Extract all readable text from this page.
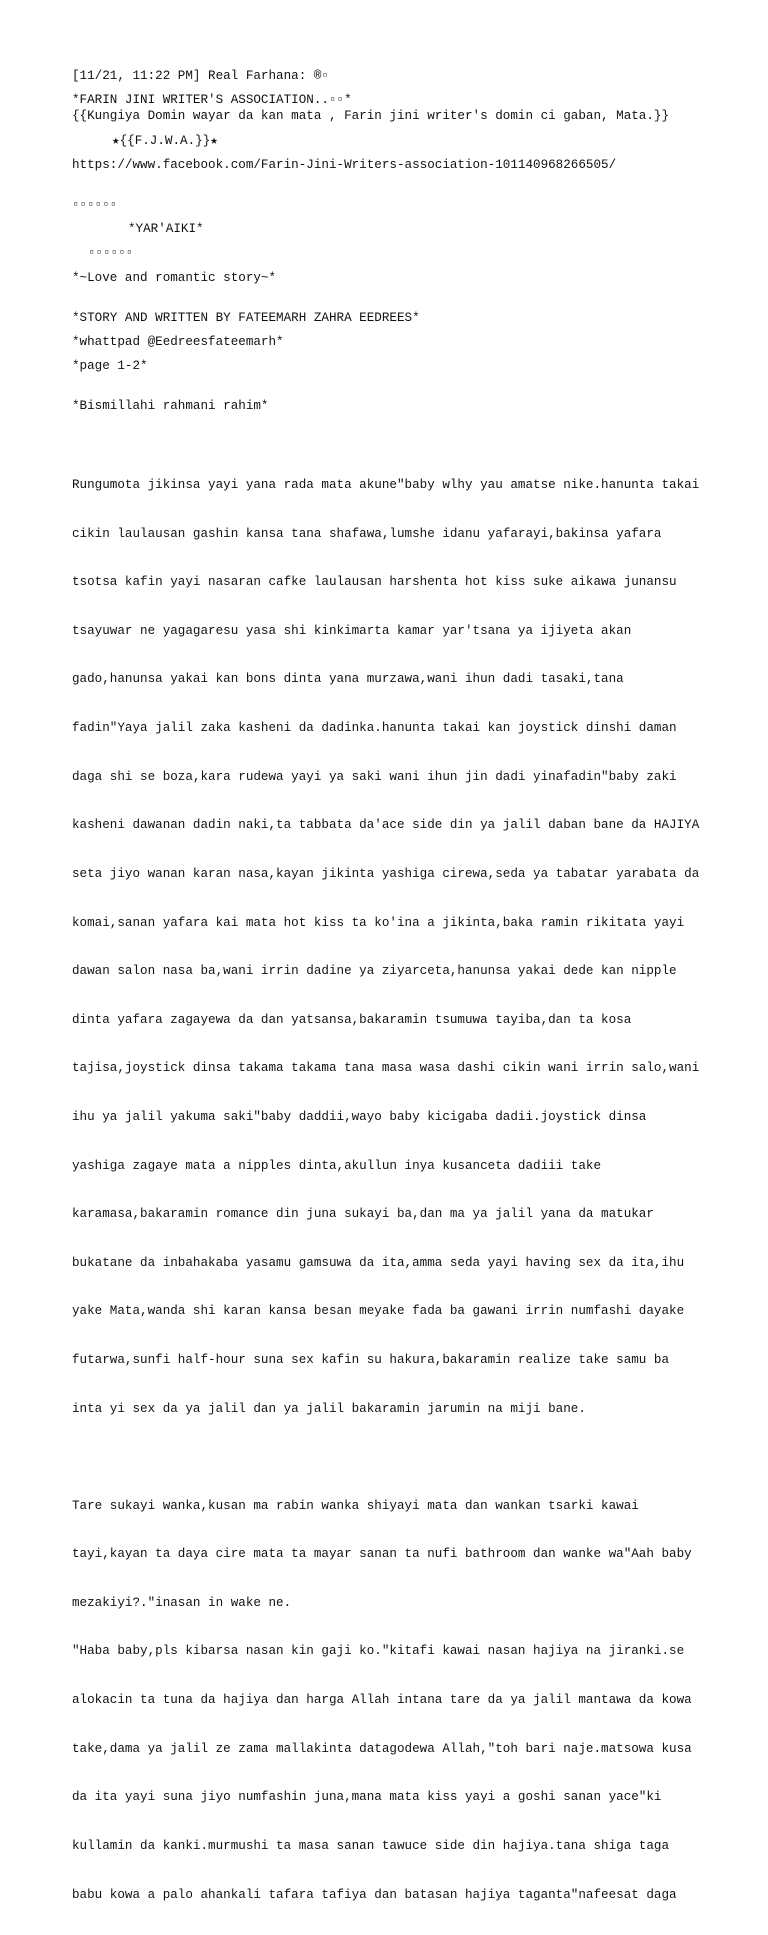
[11/21, 11:22 PM] Real Farhana: ®▫

*FARIN JINI WRITER'S ASSOCIATION..▫▫*

{{Kungiya Domin wayar da kan mata , Farin jini writer's domin ci gaban, Mata.}}

★{{F.J.W.A.}}★

https://www.facebook.com/Farin-Jini-Writers-association-101140968266505/

▫▫▫▫▫▫

*YAR'AIKI*

▫▫▫▫▫▫

*~Love and romantic story~*

*STORY AND WRITTEN BY FATEEMARH ZAHRA EEDREES*

*whattpad @Eedreesfateemarh*

*page 1-2*

*Bismillahi rahmani rahim*

Rungumota jikinsa yayi yana rada mata akune"baby wlhy yau amatse nike.hanunta takai

cikin laulausan gashin kansa tana shafawa,lumshe idanu yafarayi,bakinsa yafara

tsotsa kafin yayi nasaran cafke laulausan harshenta hot kiss suke aikawa junansu

tsayuwar ne yagagaresu yasa shi kinkimarta kamar yar'tsana ya ijiyeta akan

gado,hanunsa yakai kan bons dinta yana murzawa,wani ihun dadi tasaki,tana

fadin"Yaya jalil zaka kasheni da dadinka.hanunta takai kan joystick dinshi daman

daga shi se boza,kara rudewa yayi ya saki wani ihun jin dadi yinafadin"baby zaki

kasheni dawanan dadin naki,ta tabbata da'ace side din ya jalil daban bane da HAJIYA

seta jiyo wanan karan nasa,kayan jikinta yashiga cirewa,seda ya tabatar yarabata da

komai,sanan yafara kai mata hot kiss ta ko'ina a jikinta,baka ramin rikitata yayi

dawan salon nasa ba,wani irrin dadine ya ziyarceta,hanunsa yakai dede kan nipple

dinta yafara zagayewa da dan yatsansa,bakaramin tsumuwa tayiba,dan ta kosa

tajisa,joystick dinsa takama takama tana masa wasa dashi cikin wani irrin salo,wani

ihu ya jalil yakuma saki"baby daddii,wayo baby kicigaba dadii.joystick dinsa

yashiga zagaye mata a nipples dinta,akullun inya kusanceta dadiii take

karamasa,bakaramin romance din juna sukayi ba,dan ma ya jalil yana da matukar

bukatane da inbahakaba yasamu gamsuwa da ita,amma seda yayi having sex da ita,ihu

yake Mata,wanda shi karan kansa besan meyake fada ba gawani irrin numfashi dayake

futarwa,sunfi half-hour suna sex kafin su hakura,bakaramin realize take samu ba

inta yi sex da ya jalil dan ya jalil bakaramin jarumin na miji bane.

Tare sukayi wanka,kusan ma rabin wanka shiyayi mata dan wankan tsarki kawai

tayi,kayan ta daya cire mata ta mayar sanan ta nufi bathroom dan wanke wa"Aah baby

mezakiyi?."inasan in wake ne.

"Haba baby,pls kibarsa nasan kin gaji ko."kitafi kawai nasan hajiya na jiranki.se

alokacin ta tuna da hajiya dan harga Allah intana tare da ya jalil mantawa da kowa

take,dama ya jalil ze zama mallakinta datagodewa Allah,"toh bari naje.matsowa kusa

da ita yayi suna jiyo numfashin juna,mana mata kiss yayi a goshi sanan yace"ki

kullamin da kanki.murmushi ta masa sanan tawuce side din hajiya.tana shiga taga

babu kowa a palo ahankali tafara tafiya dan batasan hajiya taganta"nafeesat daga
